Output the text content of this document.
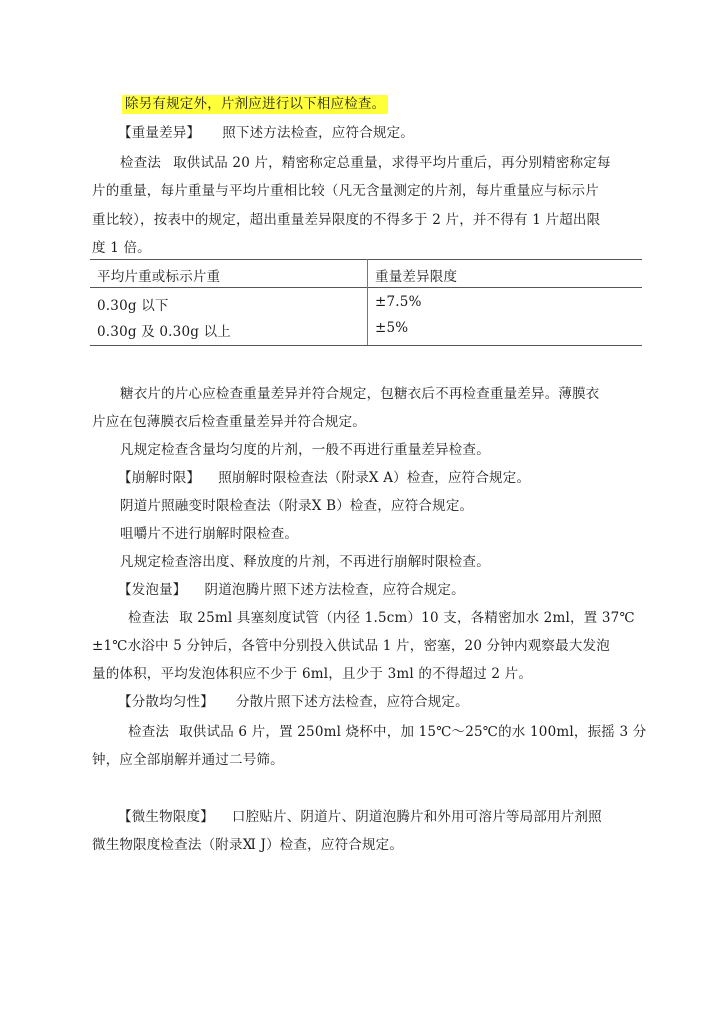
除另有规定外，片剂应进行以下相应检查。
【重量差异】 照下述方法检查，应符合规定。
检查法 取供试品 20 片，精密称定总重量，求得平均片重后，再分别精密称定每
片的重量，每片重量与平均片重相比较（凡无含量测定的片剂，每片重量应与标示片
重比较），按表中的规定，超出重量差异限度的不得多于 2 片，并不得有 1 片超出限
度 1 倍。
平均片重或标示片重	重量差异限度
0.30g 以下	±7.5%
0.30g 及 0.30g 以上	±5%
糖衣片的片心应检查重量差异并符合规定，包糖衣后不再检查重量差异。薄膜衣
片应在包薄膜衣后检查重量差异并符合规定。
凡规定检查含量均匀度的片剂，一般不再进行重量差异检查。
【崩解时限】 照崩解时限检查法（附录Ⅹ A）检查，应符合规定。
阴道片照融变时限检查法（附录Ⅹ B）检查，应符合规定。
咀嚼片不进行崩解时限检查。
凡规定检查溶出度、释放度的片剂，不再进行崩解时限检查。
【发泡量】 阴道泡腾片照下述方法检查，应符合规定。
检查法 取 25ml 具塞刻度试管（内径 1.5cm）10 支，各精密加水 2ml，置 37℃
±1℃水浴中 5 分钟后，各管中分别投入供试品 1 片，密塞，20 分钟内观察最大发泡
量的体积，平均发泡体积应不少于 6ml，且少于 3ml 的不得超过 2 片。
【分散均匀性】 分散片照下述方法检查，应符合规定。
检查法 取供试品 6 片，置 250ml 烧杯中，加 15℃～25℃的水 100ml，振摇 3 分
钟，应全部崩解并通过二号筛。
【微生物限度】 口腔贴片、阴道片、阴道泡腾片和外用可溶片等局部用片剂照
微生物限度检查法（附录Ⅺ J）检查，应符合规定。
